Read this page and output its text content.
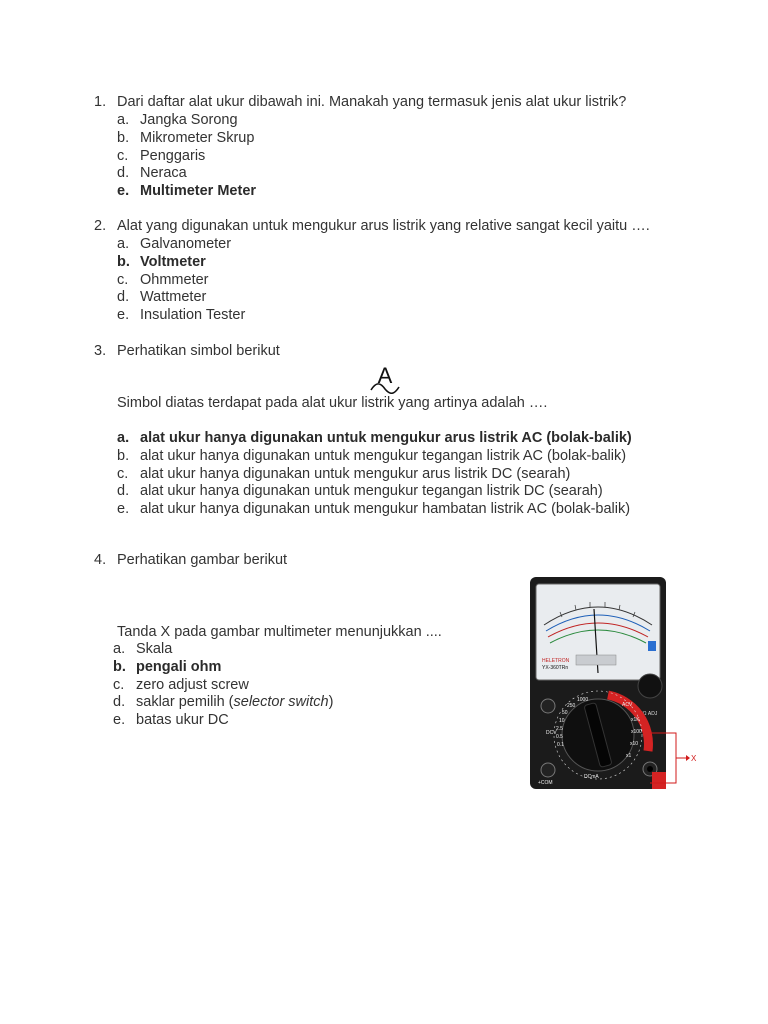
1. Dari daftar alat ukur dibawah ini. Manakah yang termasuk jenis alat ukur listrik?
a. Jangka Sorong
b. Mikrometer Skrup
c. Penggaris
d. Neraca
e. Multimeter Meter
2. Alat yang digunakan untuk mengukur arus listrik yang relative sangat kecil yaitu ….
a. Galvanometer
b. Voltmeter
c. Ohmmeter
d. Wattmeter
e. Insulation Tester
3. Perhatikan simbol berikut
A
Simbol diatas terdapat pada alat ukur listrik yang artinya adalah ….
a. alat ukur hanya digunakan untuk mengukur arus listrik AC (bolak-balik)
b. alat ukur hanya digunakan untuk mengukur tegangan listrik AC (bolak-balik)
c. alat ukur hanya digunakan untuk mengukur arus listrik DC (searah)
d. alat ukur hanya digunakan untuk mengukur tegangan listrik DC (searah)
e. alat ukur hanya digunakan untuk mengukur hambatan listrik AC (bolak-balik)
4. Perhatikan gambar berikut
Tanda X pada gambar multimeter menunjukkan ....
a. Skala
b. pengali ohm
c. zero adjust screw
d. saklar pemilih (selector switch)
e. batas ukur DC
HELETRON
YX-360TRn
0Ω ADJ
1000
250
50
10
2.5
0.5
0.1
DCV
ACV
x1K
x100
x10
x1
DCmA
+COM
X
